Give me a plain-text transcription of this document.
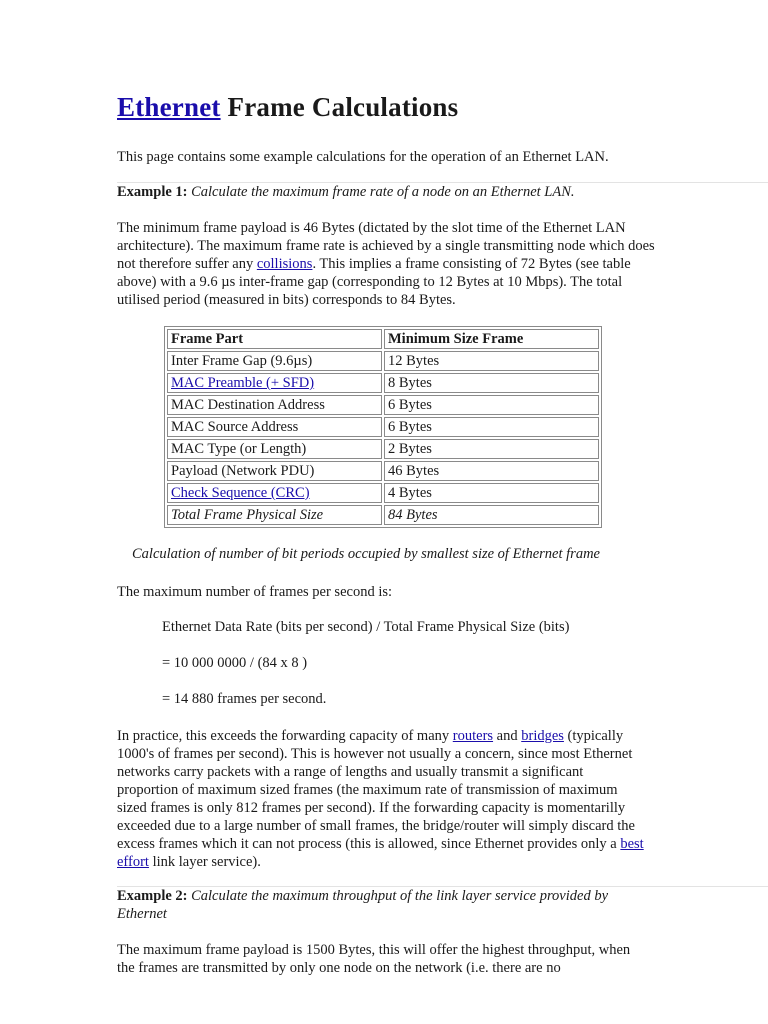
Ethernet Frame Calculations

This page contains some example calculations for the operation of an Ethernet LAN.

Example 1: Calculate the maximum frame rate of a node on an Ethernet LAN.

The minimum frame payload is 46 Bytes (dictated by the slot time of the Ethernet LAN architecture). The maximum frame rate is achieved by a single transmitting node which does not therefore suffer any collisions. This implies a frame consisting of 72 Bytes (see table above) with a 9.6 µs inter-frame gap (corresponding to 12 Bytes at 10 Mbps). The total utilised period (measured in bits) corresponds to 84 Bytes.

Frame Part	Minimum Size Frame
Inter Frame Gap (9.6µs)	12 Bytes
MAC Preamble (+ SFD)	8 Bytes
MAC Destination Address	6 Bytes
MAC Source Address	6 Bytes
MAC Type (or Length)	2 Bytes
Payload (Network PDU)	46 Bytes
Check Sequence (CRC)	4 Bytes
Total Frame Physical Size	84 Bytes
Calculation of number of bit periods occupied by smallest size of Ethernet frame

The maximum number of frames per second is:

Ethernet Data Rate (bits per second) / Total Frame Physical Size (bits)
= 10 000 0000 / (84 x 8 )
= 14 880 frames per second.

In practice, this exceeds the forwarding capacity of many routers and bridges (typically 1000's of frames per second). This is however not usually a concern, since most Ethernet networks carry packets with a range of lengths and usually transmit a significant proportion of maximum sized frames (the maximum rate of transmission of maximum sized frames is only 812 frames per second). If the forwarding capacity is momentarilly exceeded due to a large number of small frames, the bridge/router will simply discard the excess frames which it can not process (this is allowed, since Ethernet provides only a best effort link layer service).

Example 2: Calculate the maximum throughput of the link layer service provided by Ethernet

The maximum frame payload is 1500 Bytes, this will offer the highest throughput, when the frames are transmitted by only one node on the network (i.e. there are no
